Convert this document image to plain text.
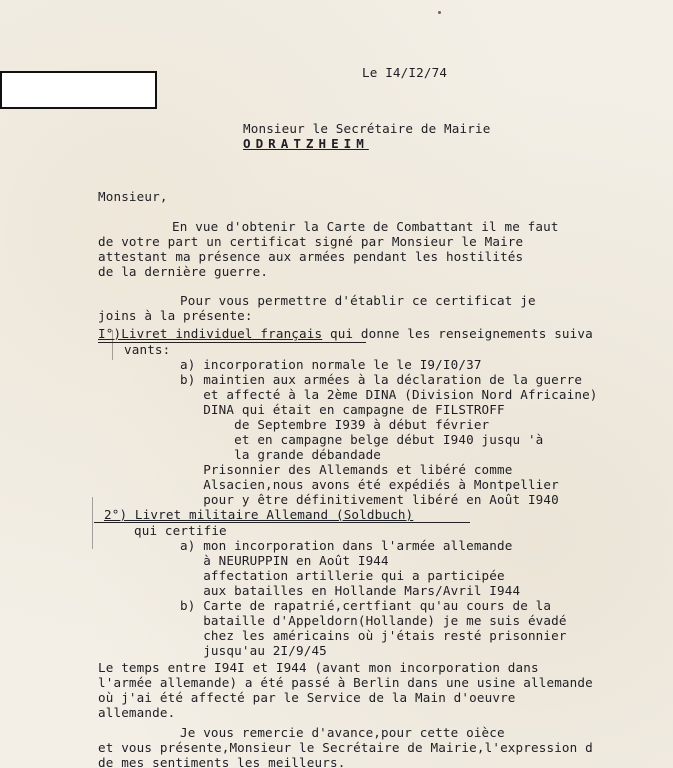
Le I4/I2/74
Monsieur le Secrétaire de Mairie
ODRATZHEIM
Monsieur,
En vue d'obtenir la Carte de Combattant il me faut
de votre part un certificat signé par Monsieur le Maire
attestant ma présence aux armées pendant les hostilités
de la dernière guerre.
Pour vous permettre d'établir ce certificat je
joins à la présente:
I°)Livret individuel français qui donne les renseignements suiva
vants:
a) incorporation normale le le I9/I0/37
b) maintien aux armées à la déclaration de la guerre
et affecté à la 2ème DINA (Division Nord Africaine)
DINA qui était en campagne de FILSTROFF
de Septembre I939 à début février
et en campagne belge début I940 jusqu 'à
la grande débandade
Prisonnier des Allemands et libéré comme
Alsacien,nous avons été expédiés à Montpellier
pour y être définitivement libéré en Août I940
2°) Livret militaire Allemand (Soldbuch)
qui certifie
a) mon incorporation dans l'armée allemande
à NEURUPPIN en Août I944
affectation artillerie qui a participée
aux batailles en Hollande Mars/Avril I944
b) Carte de rapatrié,certfiant qu'au cours de la
bataille d'Appeldorn(Hollande) je me suis évadé
chez les américains où j'étais resté prisonnier
jusqu'au 2I/9/45
Le temps entre I94I et I944 (avant mon incorporation dans
l'armée allemande) a été passé à Berlin dans une usine allemande
où j'ai été affecté par le Service de la Main d'oeuvre
allemande.
Je vous remercie d'avance,pour cette oièce
et vous présente,Monsieur le Secrétaire de Mairie,l'expression d
de mes sentiments les meilleurs.
